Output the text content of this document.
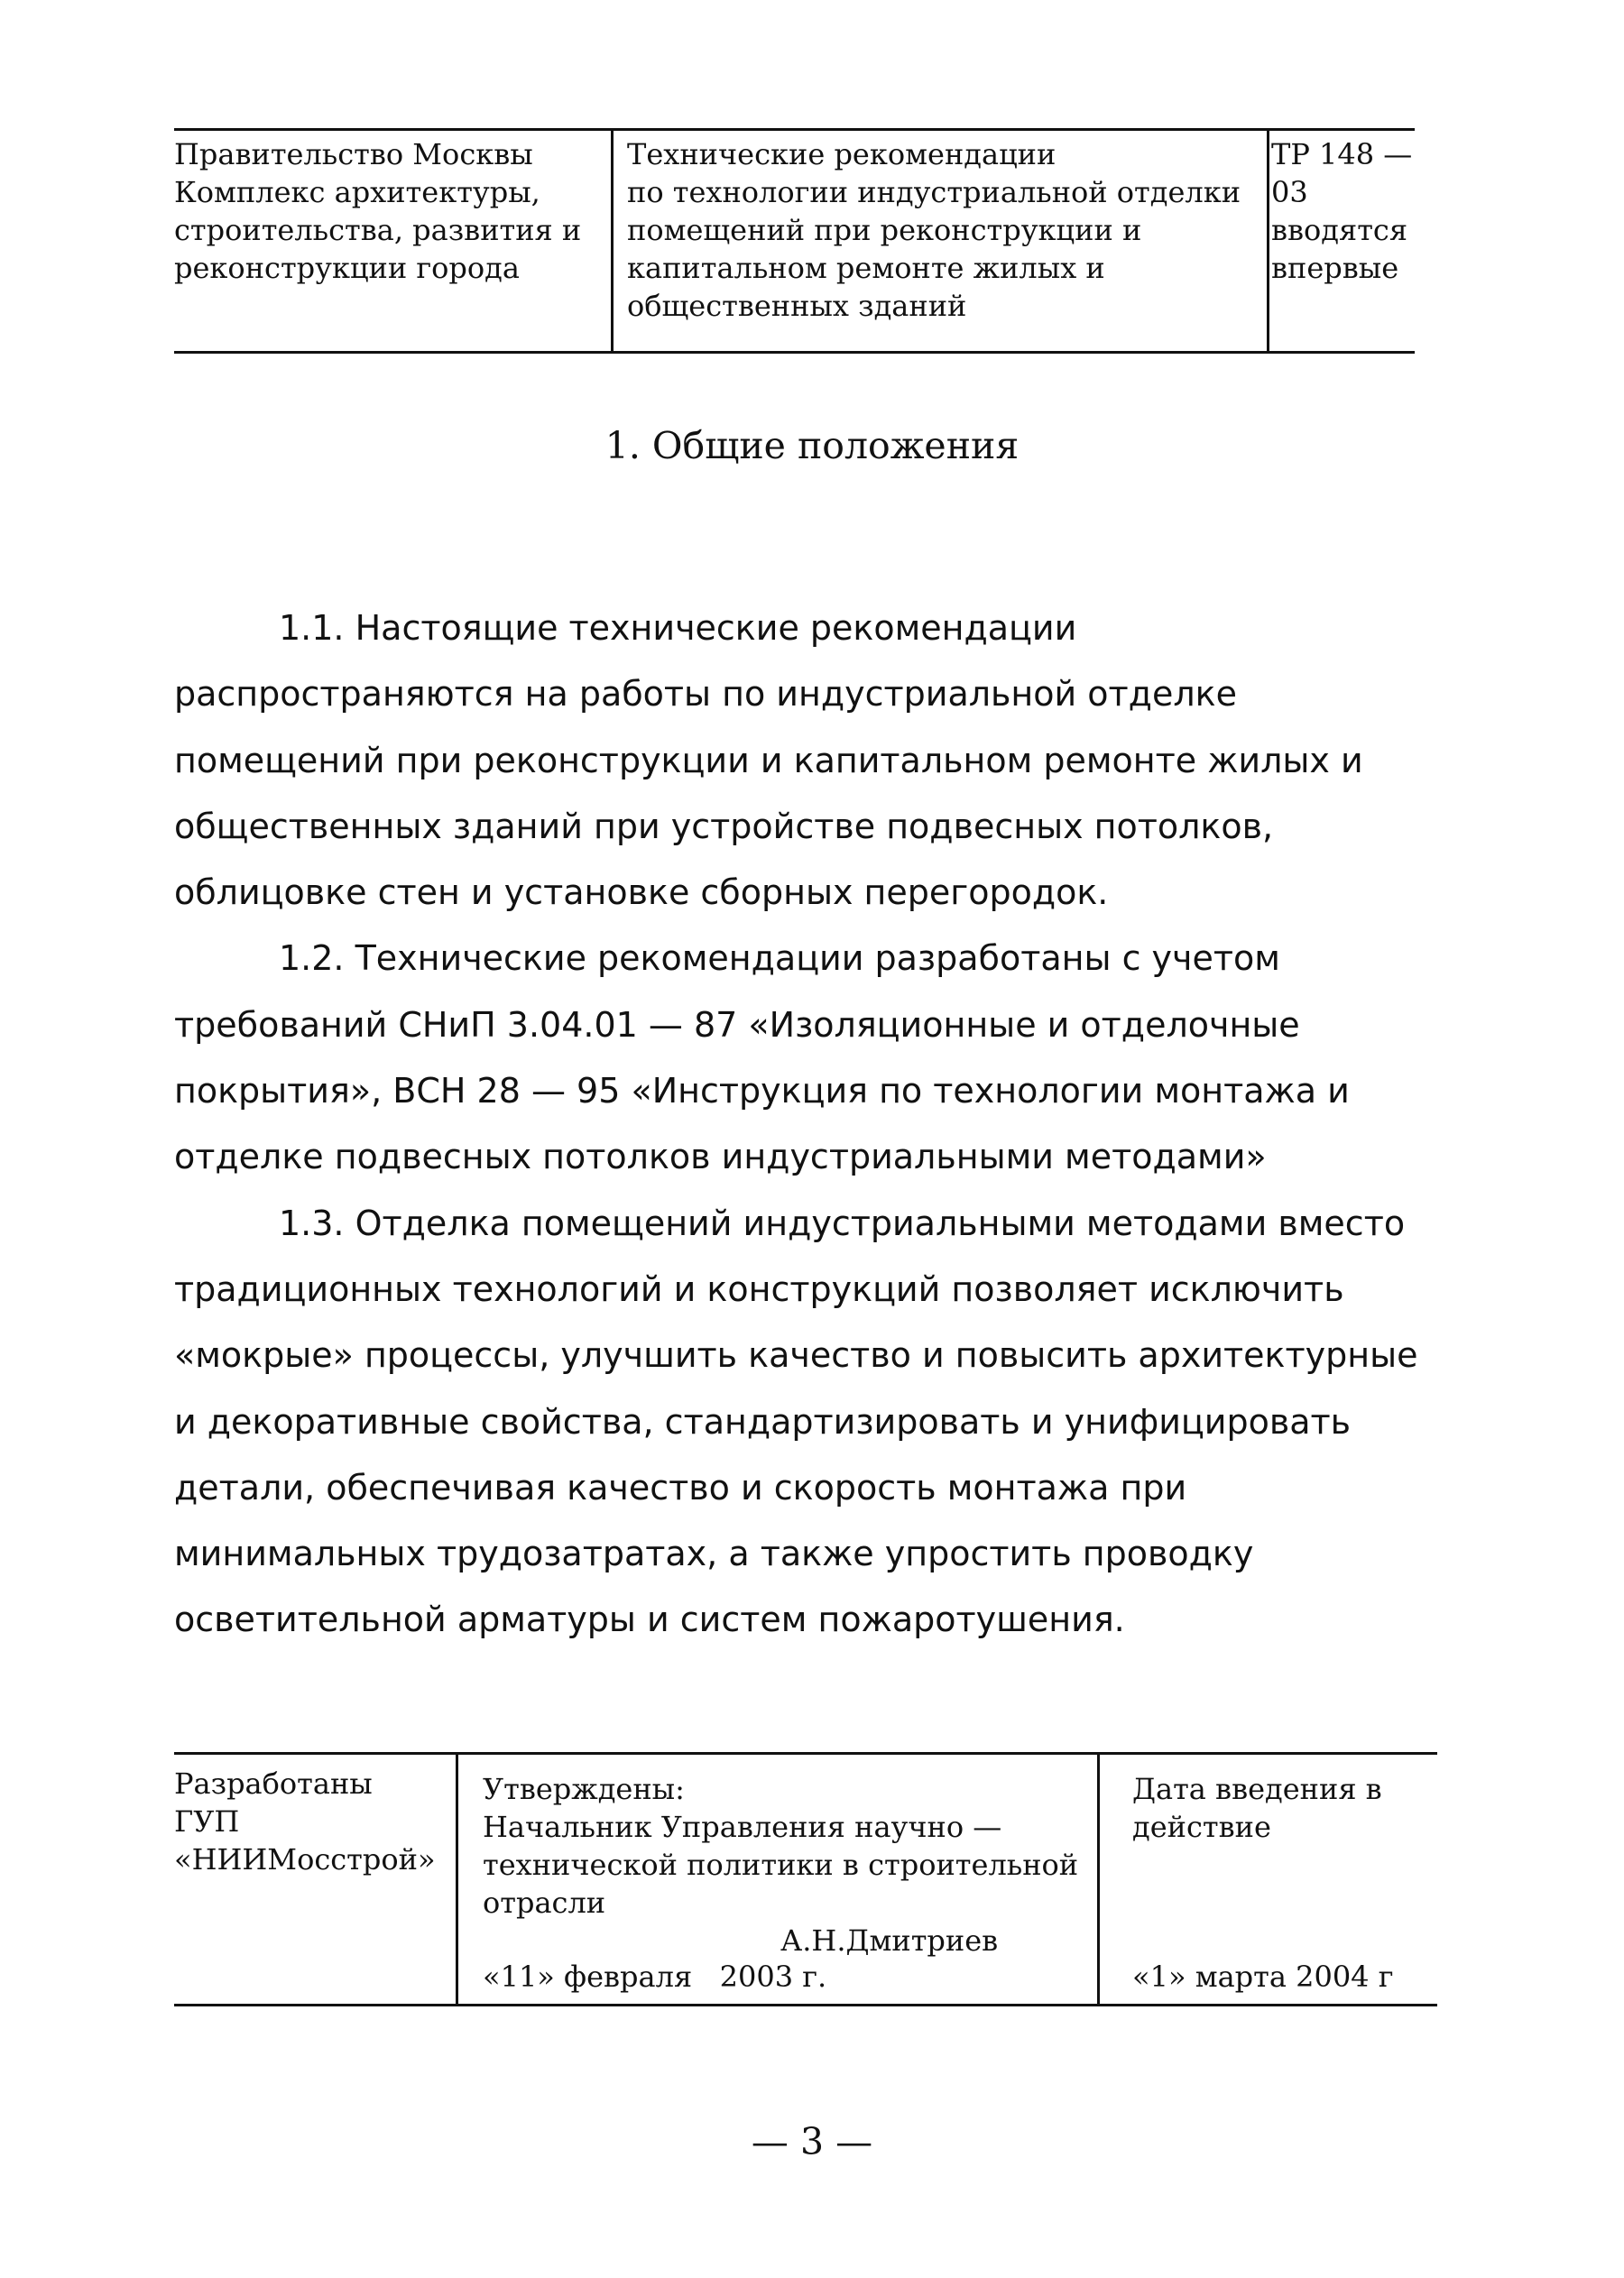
Правительство Москвы
Комплекс архитектуры,
строительства, развития и
реконструкции города
Технические рекомендации
по технологии индустриальной отделки
помещений при реконструкции и
капитальном ремонте жилых и
общественных зданий
ТР 148 — 03
вводятся
впервые
1. Общие положения

1.1. Настоящие технические рекомендации распространяются на работы по индустриальной отделке помещений при реконструкции и капитальном ремонте жилых и общественных зданий при устройстве подвесных потолков, облицовке стен и установке сборных перегородок.

1.2. Технические рекомендации разработаны с учетом требований СНиП 3.04.01 — 87 «Изоляционные и отделочные покрытия», ВСН 28 — 95 «Инструкция по технологии монтажа и отделке подвесных потолков индустриальными методами»

1.3. Отделка помещений индустриальными методами вместо традиционных технологий и конструкций позволяет исключить «мокрые» процессы, улучшить качество и повысить архитектурные и декоративные свойства, стандартизировать и унифицировать детали, обеспечивая качество и скорость монтажа при минимальных трудозатратах, а также упростить проводку осветительной арматуры и систем пожаротушения.

Разработаны
ГУП
«НИИМосстрой»
Утверждены:
Начальник Управления научно —
технической политики в строительной
отрасли
А.Н.Дмитриев
«11» февраля   2003 г.
Дата введения в
действие
«1» марта 2004 г
— 3 —
